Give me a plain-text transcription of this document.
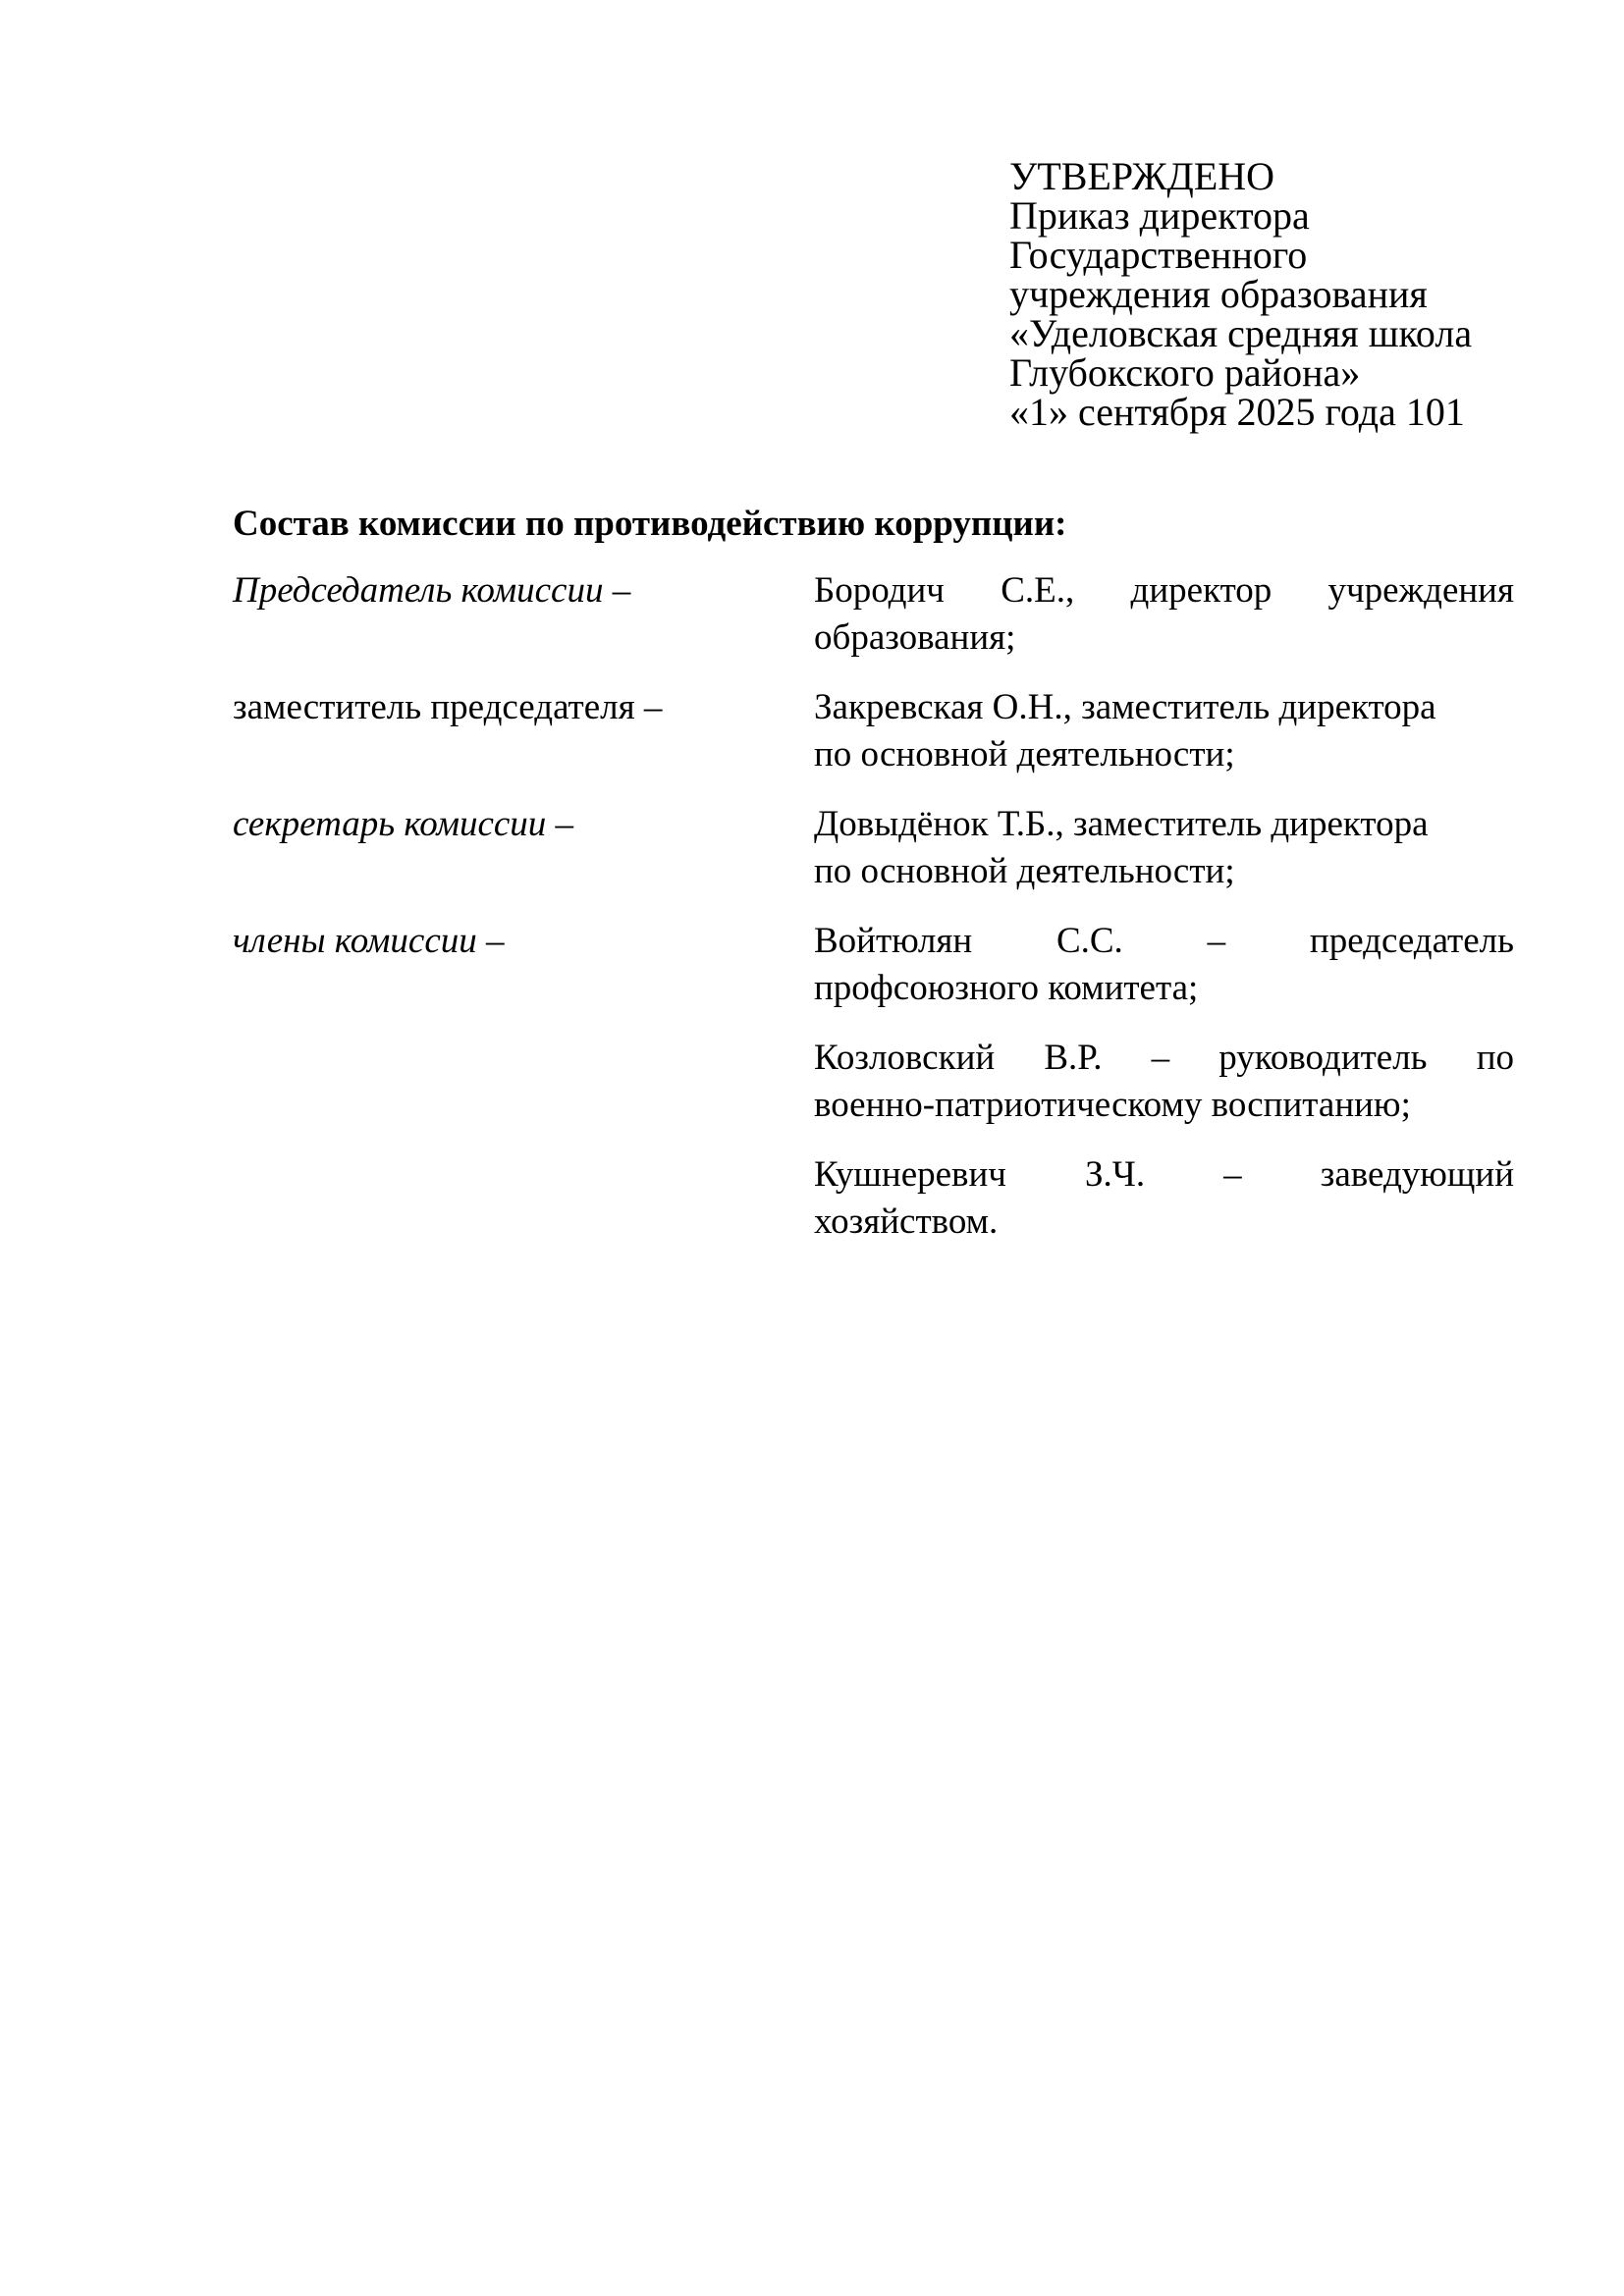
УТВЕРЖДЕНО
Приказ директора
Государственного
учреждения образования
«Уделовская средняя школа
Глубокского района»
«1» сентября 2025 года 101
Состав комиссии по противодействию коррупции:
Председатель комиссии –	Бородич С.Е., директор учреждения
образования;
заместитель председателя –	Закревская О.Н., заместитель директора
по основной деятельности;
секретарь комиссии –	Довыдёнок Т.Б., заместитель директора
по основной деятельности;
члены комиссии –	Войтюлян С.С. – председатель
профсоюзного комитета;
Козловский В.Р. – руководитель по
военно-патриотическому воспитанию;
Кушнеревич З.Ч. – заведующий
хозяйством.
